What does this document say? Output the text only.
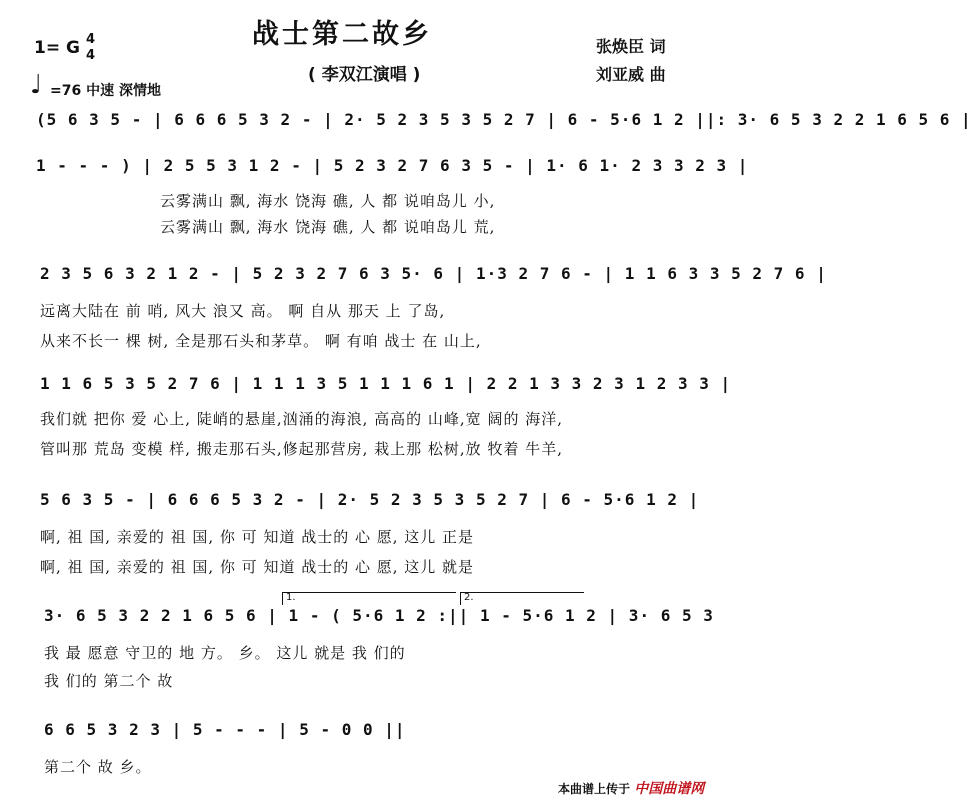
战士第二故乡
( 李双江演唱 )
张焕臣 词
刘亚威 曲
1= G 4
4
♩ =76 中速 深情地
(5 6 3 5 - | 6 6 6 5 3 2 - | 2· 5 2 3 5 3 5 2 7 | 6 - 5·6 1 2 ||: 3· 6 5 3 2 2 1 6 5 6 |
1 - - - ) | 2 5 5 3 1 2 - | 5 2 3 2 7 6 3 5 - | 1· 6 1· 2 3 3 2 3 |
云雾满山 飘, 海水 饶海 礁, 人 都 说咱岛儿 小,
云雾满山 飘, 海水 饶海 礁, 人 都 说咱岛儿 荒,
2 3 5 6 3 2 1 2 - | 5 2 3 2 7 6 3 5· 6 | 1·3 2 7 6 - | 1 1 6 3 3 5 2 7 6 |
远离大陆在 前 哨, 风大 浪又 高。 啊 自从 那天 上 了岛,
从来不长一 棵 树, 全是那石头和茅草。 啊 有咱 战士 在 山上,
1 1 6 5 3 5 2 7 6 | 1 1 1 3 5 1 1 1 6 1 | 2 2 1 3 3 2 3 1 2 3 3 |
我们就 把你 爱 心上, 陡峭的悬崖,汹涌的海浪, 高高的 山峰,宽 阔的 海洋,
管叫那 荒岛 变模 样, 搬走那石头,修起那营房, 栽上那 松树,放 牧着 牛羊,
5 6 3 5 - | 6 6 6 5 3 2 - | 2· 5 2 3 5 3 5 2 7 | 6 - 5·6 1 2 |
啊, 祖 国, 亲爱的 祖 国, 你 可 知道 战士的 心 愿, 这儿 正是
啊, 祖 国, 亲爱的 祖 国, 你 可 知道 战士的 心 愿, 这儿 就是
1.	2.
3· 6 5 3 2 2 1 6 5 6 | 1 - ( 5·6 1 2 :|| 1 - 5·6 1 2 | 3· 6 5 3
我 最 愿意 守卫的 地 方。 乡。 这儿 就是 我 们的
我 们的 第二个 故
6 6 5 3 2 3 | 5 - - - | 5 - 0 0 ||
第二个 故 乡。
本曲谱上传于 中国曲谱网
